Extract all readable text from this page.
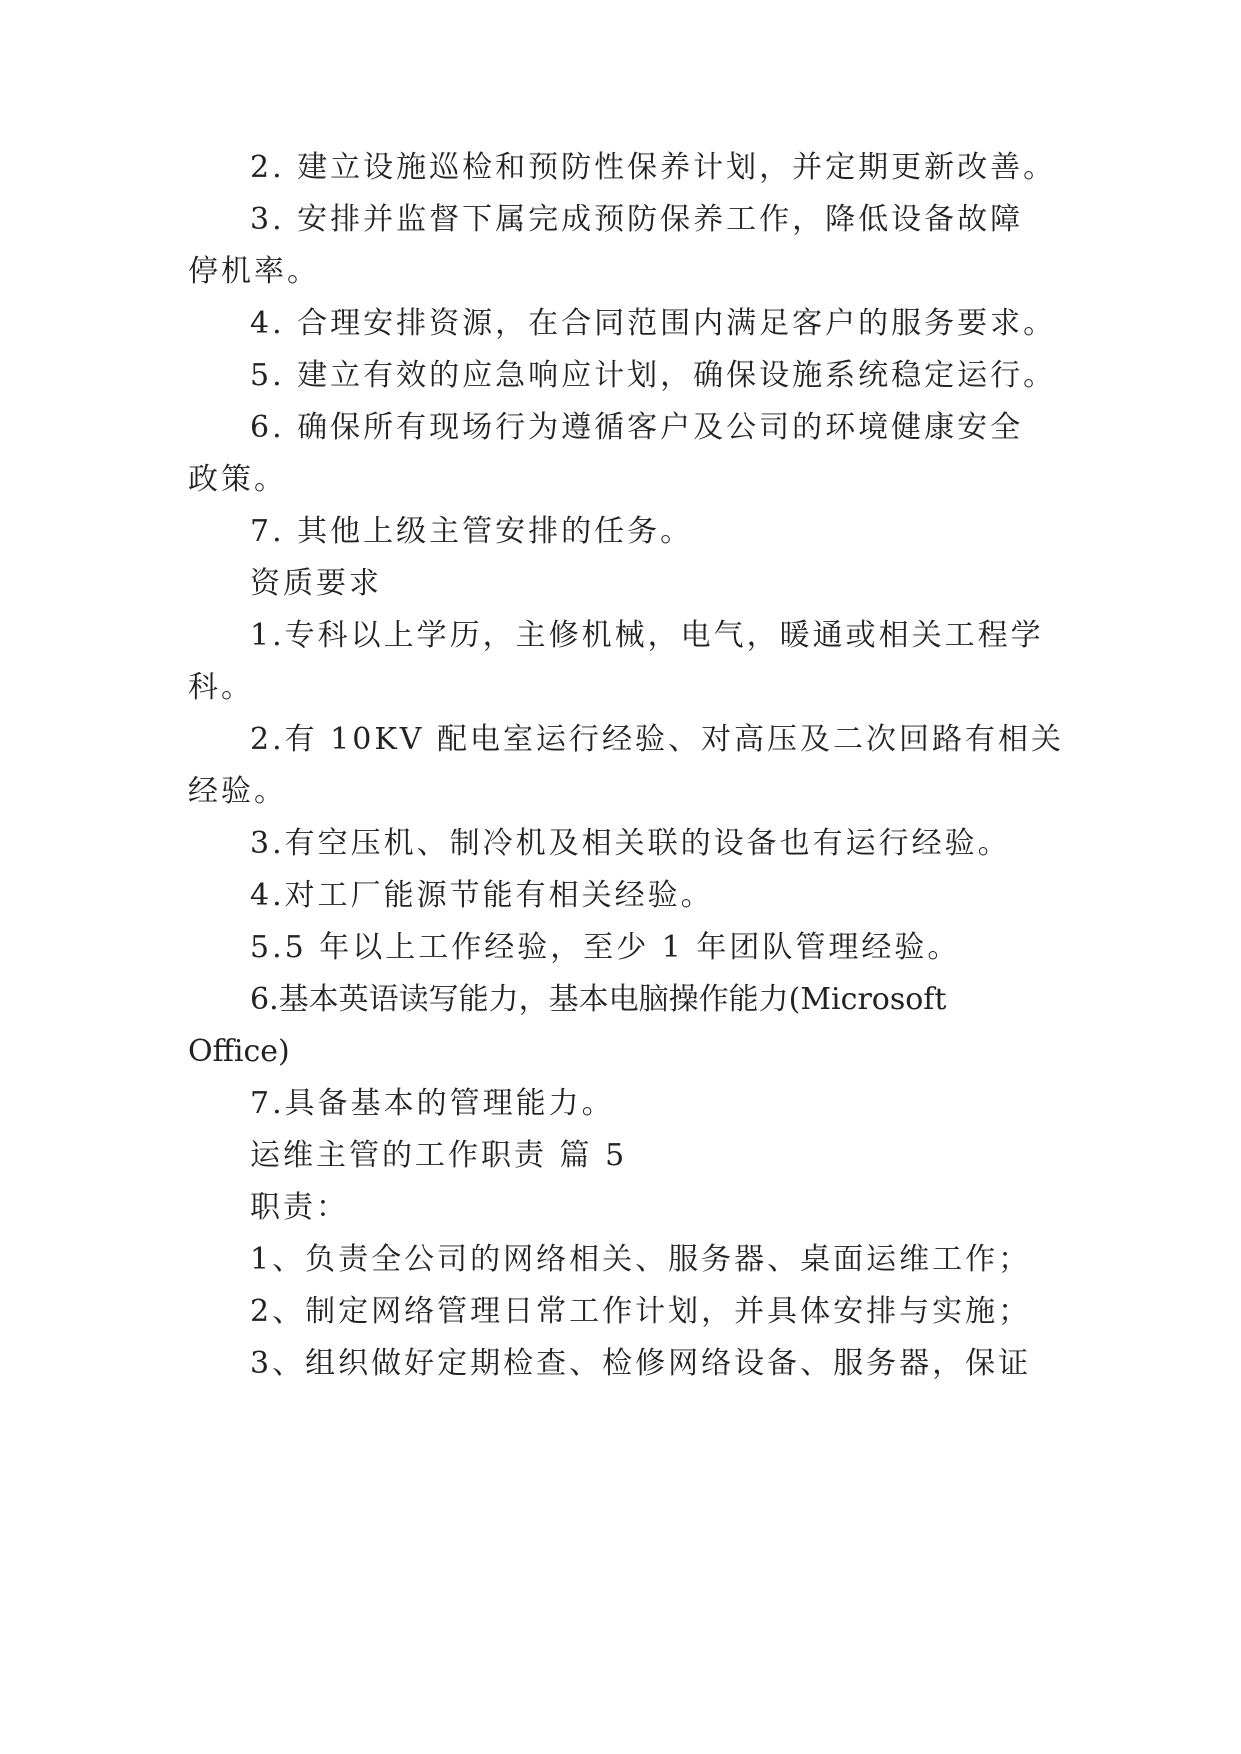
2. 建立设施巡检和预防性保养计划，并定期更新改善。
3. 安排并监督下属完成预防保养工作，降低设备故障
停机率。
4. 合理安排资源，在合同范围内满足客户的服务要求。
5. 建立有效的应急响应计划，确保设施系统稳定运行。
6. 确保所有现场行为遵循客户及公司的环境健康安全
政策。
7. 其他上级主管安排的任务。
资质要求
1.专科以上学历，主修机械，电气，暖通或相关工程学
科。
2.有 10KV 配电室运行经验、对高压及二次回路有相关
经验。
3.有空压机、制冷机及相关联的设备也有运行经验。
4.对工厂能源节能有相关经验。
5.5 年以上工作经验，至少 1 年团队管理经验。
6.基本英语读写能力，基本电脑操作能力(Microsoft
Office)
7.具备基本的管理能力。
运维主管的工作职责 篇 5
职责：
1、负责全公司的网络相关、服务器、桌面运维工作；
2、制定网络管理日常工作计划，并具体安排与实施；
3、组织做好定期检查、检修网络设备、服务器，保证
